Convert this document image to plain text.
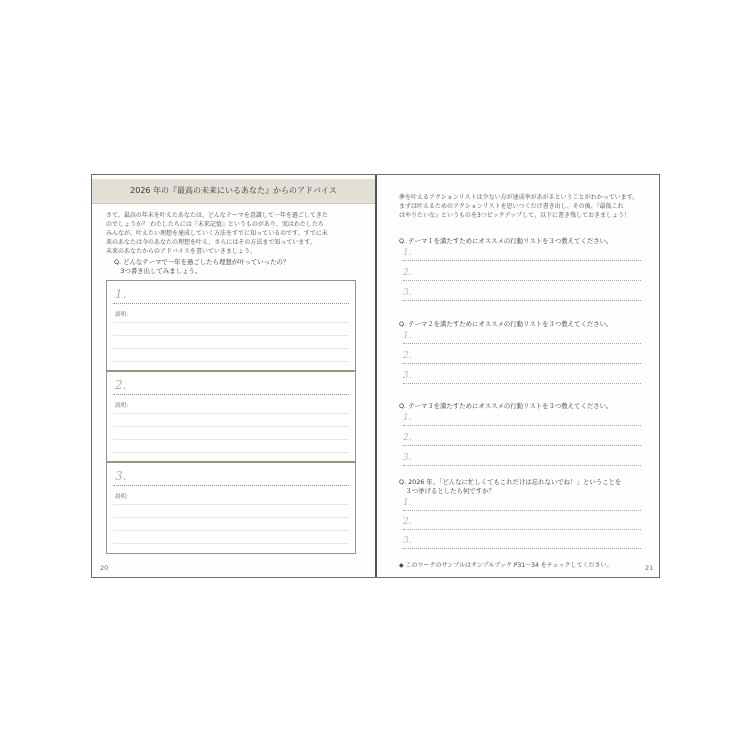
2026 年の『最高の未来にいるあなた』からのアドバイス
さて、最高の年末を叶えたあなたは、どんなテーマを意識して一年を過ごしてきた
のでしょうか？ わたしたちには『未来記憶』というものがあり、実はわたしたち
みんなが、叶えたい理想を達成していく方法をすでに知っているのです。すでに未
来のあなたは今のあなたの理想を叶え、さらにはその方法まで知っています。
未来のあなたからのアドバイスを書いていきましょう。
Q. どんなテーマで一年を過ごしたら理想が叶っていったの？
　3つ書き出してみましょう。
1.
説明：
2.
説明：
3.
説明：
20
夢を叶えるアクションリストは少ない方が達成率があがるということがわかっています。
まずは叶えるためのアクションリストを思いつくだけ書き出し、その後、『最低これ
はやりたいな』というものを3つピックアップして、以下に書き残しておきましょう！
Q. テーマ１を満たすためにオススメの行動リストを３つ教えてください。
1.
2.
3.
Q. テーマ２を満たすためにオススメの行動リストを３つ教えてください。
1.
2.
3.
Q. テーマ３を満たすためにオススメの行動リストを３つ教えてください。
1.
2.
3.
Q. 2026 年、「どんなに忙しくてもこれだけは忘れないでね！」ということを
　３つ挙げるとしたら何ですか？
1.
2.
3.
◆ このワークのサンプルはサンプルブック P31〜34 をチェックしてください。	21
